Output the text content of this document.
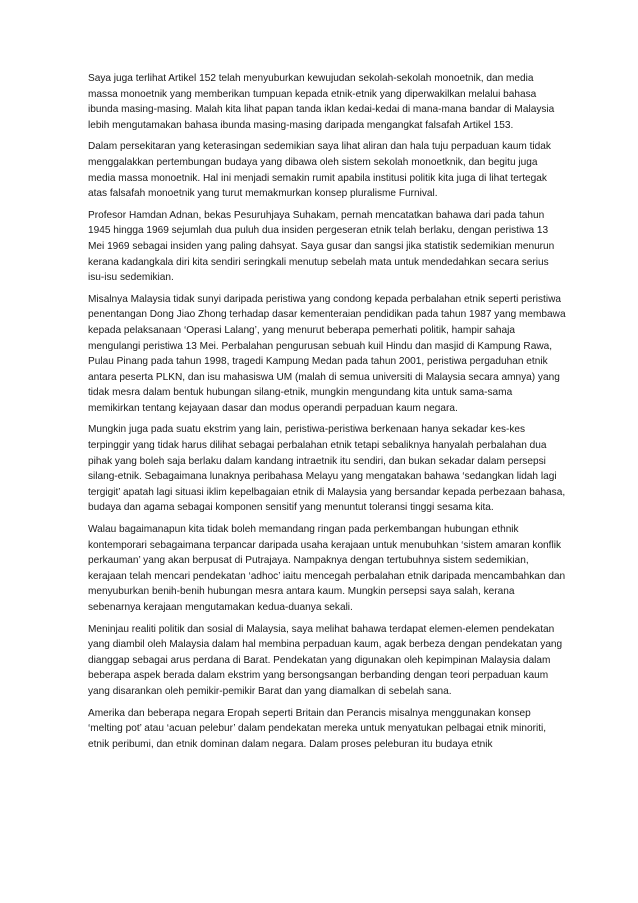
Saya juga terlihat Artikel 152 telah menyuburkan kewujudan sekolah-sekolah monoetnik, dan media massa monoetnik yang memberikan tumpuan kepada etnik-etnik yang diperwakilkan melalui bahasa ibunda masing-masing. Malah kita lihat papan tanda iklan kedai-kedai di mana-mana bandar di Malaysia lebih mengutamakan bahasa ibunda masing-masing daripada mengangkat falsafah Artikel 153.

Dalam persekitaran yang keterasingan sedemikian saya lihat aliran dan hala tuju perpaduan kaum tidak menggalakkan pertembungan budaya yang dibawa oleh sistem sekolah monoetknik, dan begitu juga media massa monoetnik. Hal ini menjadi semakin rumit apabila institusi politik kita juga di lihat tertegak atas falsafah monoetnik yang turut memakmurkan konsep pluralisme Furnival.

Profesor Hamdan Adnan, bekas Pesuruhjaya Suhakam, pernah mencatatkan bahawa dari pada tahun 1945 hingga 1969 sejumlah dua puluh dua insiden pergeseran etnik telah berlaku, dengan peristiwa 13 Mei 1969 sebagai insiden yang paling dahsyat. Saya gusar dan sangsi jika statistik sedemikian menurun kerana kadangkala diri kita sendiri seringkali menutup sebelah mata untuk mendedahkan secara serius isu-isu sedemikian.

Misalnya Malaysia tidak sunyi daripada peristiwa yang condong kepada perbalahan etnik seperti peristiwa penentangan Dong Jiao Zhong terhadap dasar kementeraian pendidikan pada tahun 1987 yang membawa kepada pelaksanaan ‘Operasi Lalang’, yang menurut beberapa pemerhati politik, hampir sahaja mengulangi peristiwa 13 Mei. Perbalahan pengurusan sebuah kuil Hindu dan masjid di Kampung Rawa, Pulau Pinang pada tahun 1998, tragedi Kampung Medan pada tahun 2001, peristiwa pergaduhan etnik antara peserta PLKN, dan isu mahasiswa UM (malah di semua universiti di Malaysia secara amnya) yang tidak mesra dalam bentuk hubungan silang-etnik, mungkin mengundang kita untuk sama-sama memikirkan tentang kejayaan dasar dan modus operandi perpaduan kaum negara.

Mungkin juga pada suatu ekstrim yang lain, peristiwa-peristiwa berkenaan hanya sekadar kes-kes terpinggir yang tidak harus dilihat sebagai perbalahan etnik tetapi sebaliknya hanyalah perbalahan dua pihak yang boleh saja berlaku dalam kandang intraetnik itu sendiri, dan bukan sekadar dalam persepsi silang-etnik. Sebagaimana lunaknya peribahasa Melayu yang mengatakan bahawa ‘sedangkan lidah lagi tergigit’ apatah lagi situasi iklim kepelbagaian etnik di Malaysia yang bersandar kepada perbezaan bahasa, budaya dan agama sebagai komponen sensitif yang menuntut toleransi tinggi sesama kita.

Walau bagaimanapun kita tidak boleh memandang ringan pada perkembangan hubungan ethnik kontemporari sebagaimana terpancar daripada usaha kerajaan untuk menubuhkan ‘sistem amaran konflik perkauman’ yang akan berpusat di Putrajaya. Nampaknya dengan tertubuhnya sistem sedemikian, kerajaan telah mencari pendekatan ‘adhoc’ iaitu mencegah perbalahan etnik daripada mencambahkan dan menyuburkan benih-benih hubungan mesra antara kaum. Mungkin persepsi saya salah, kerana sebenarnya kerajaan mengutamakan kedua-duanya sekali.

Meninjau realiti politik dan sosial di Malaysia, saya melihat bahawa terdapat elemen-elemen pendekatan yang diambil oleh Malaysia dalam hal membina perpaduan kaum, agak berbeza dengan pendekatan yang dianggap sebagai arus perdana di Barat. Pendekatan yang digunakan oleh kepimpinan Malaysia dalam beberapa aspek berada dalam ekstrim yang bersongsangan berbanding dengan teori perpaduan kaum yang disarankan oleh pemikir-pemikir Barat dan yang diamalkan di sebelah sana.

Amerika dan beberapa negara Eropah seperti Britain dan Perancis misalnya menggunakan konsep ‘melting pot’ atau ‘acuan pelebur’ dalam pendekatan mereka untuk menyatukan pelbagai etnik minoriti, etnik peribumi, dan etnik dominan dalam negara. Dalam proses peleburan itu budaya etnik
